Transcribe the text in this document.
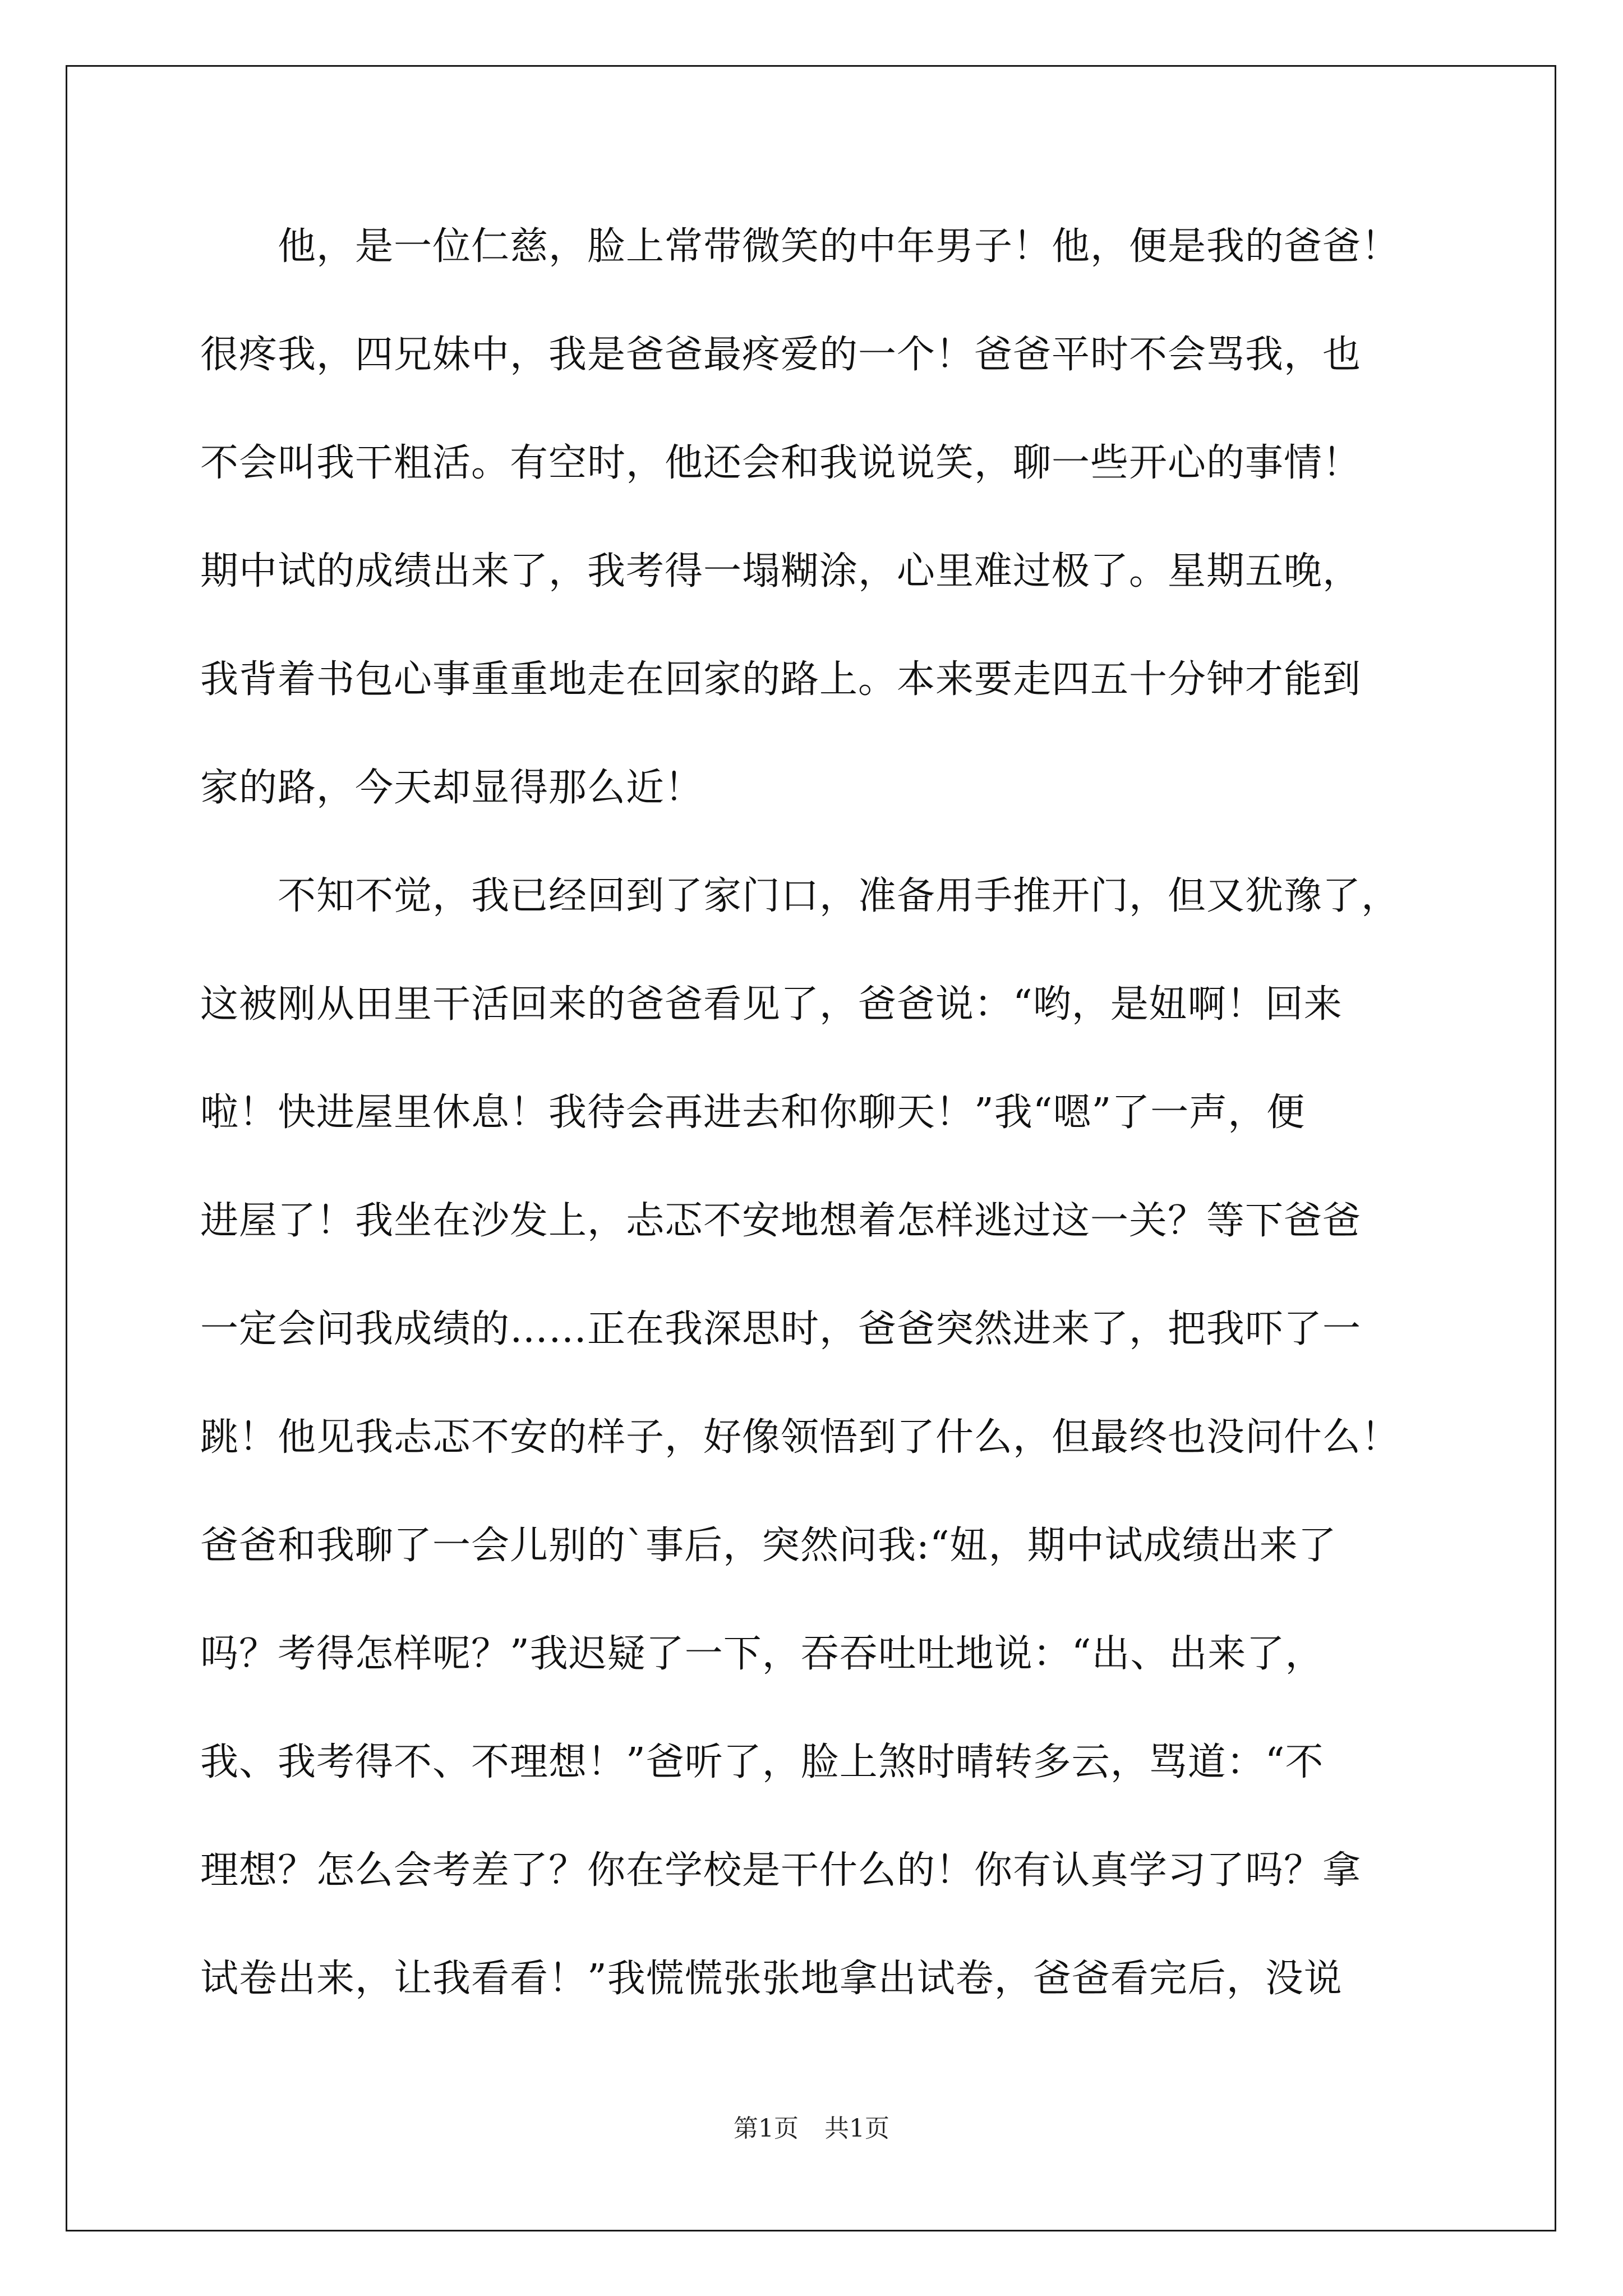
　　他，是一位仁慈，脸上常带微笑的中年男子！他，便是我的爸爸！
很疼我，四兄妹中，我是爸爸最疼爱的一个！爸爸平时不会骂我，也
不会叫我干粗活。有空时，他还会和我说说笑，聊一些开心的事情！
期中试的成绩出来了，我考得一塌糊涂，心里难过极了。星期五晚，
我背着书包心事重重地走在回家的路上。本来要走四五十分钟才能到
家的路，今天却显得那么近！
　　不知不觉，我已经回到了家门口，准备用手推开门，但又犹豫了，
这被刚从田里干活回来的爸爸看见了，爸爸说：“哟，是妞啊！回来
啦！快进屋里休息！我待会再进去和你聊天！”我“嗯”了一声，便
进屋了！我坐在沙发上，忐忑不安地想着怎样逃过这一关？等下爸爸
一定会问我成绩的……正在我深思时，爸爸突然进来了，把我吓了一
跳！他见我忐忑不安的样子，好像领悟到了什么，但最终也没问什么！
爸爸和我聊了一会儿别的`事后，突然问我:“妞，期中试成绩出来了
吗？考得怎样呢？”我迟疑了一下，吞吞吐吐地说：“出、出来了，
我、我考得不、不理想！”爸听了，脸上煞时晴转多云，骂道：“不
理想？怎么会考差了？你在学校是干什么的！你有认真学习了吗？拿
试卷出来，让我看看！”我慌慌张张地拿出试卷，爸爸看完后，没说
第1页 共1页
